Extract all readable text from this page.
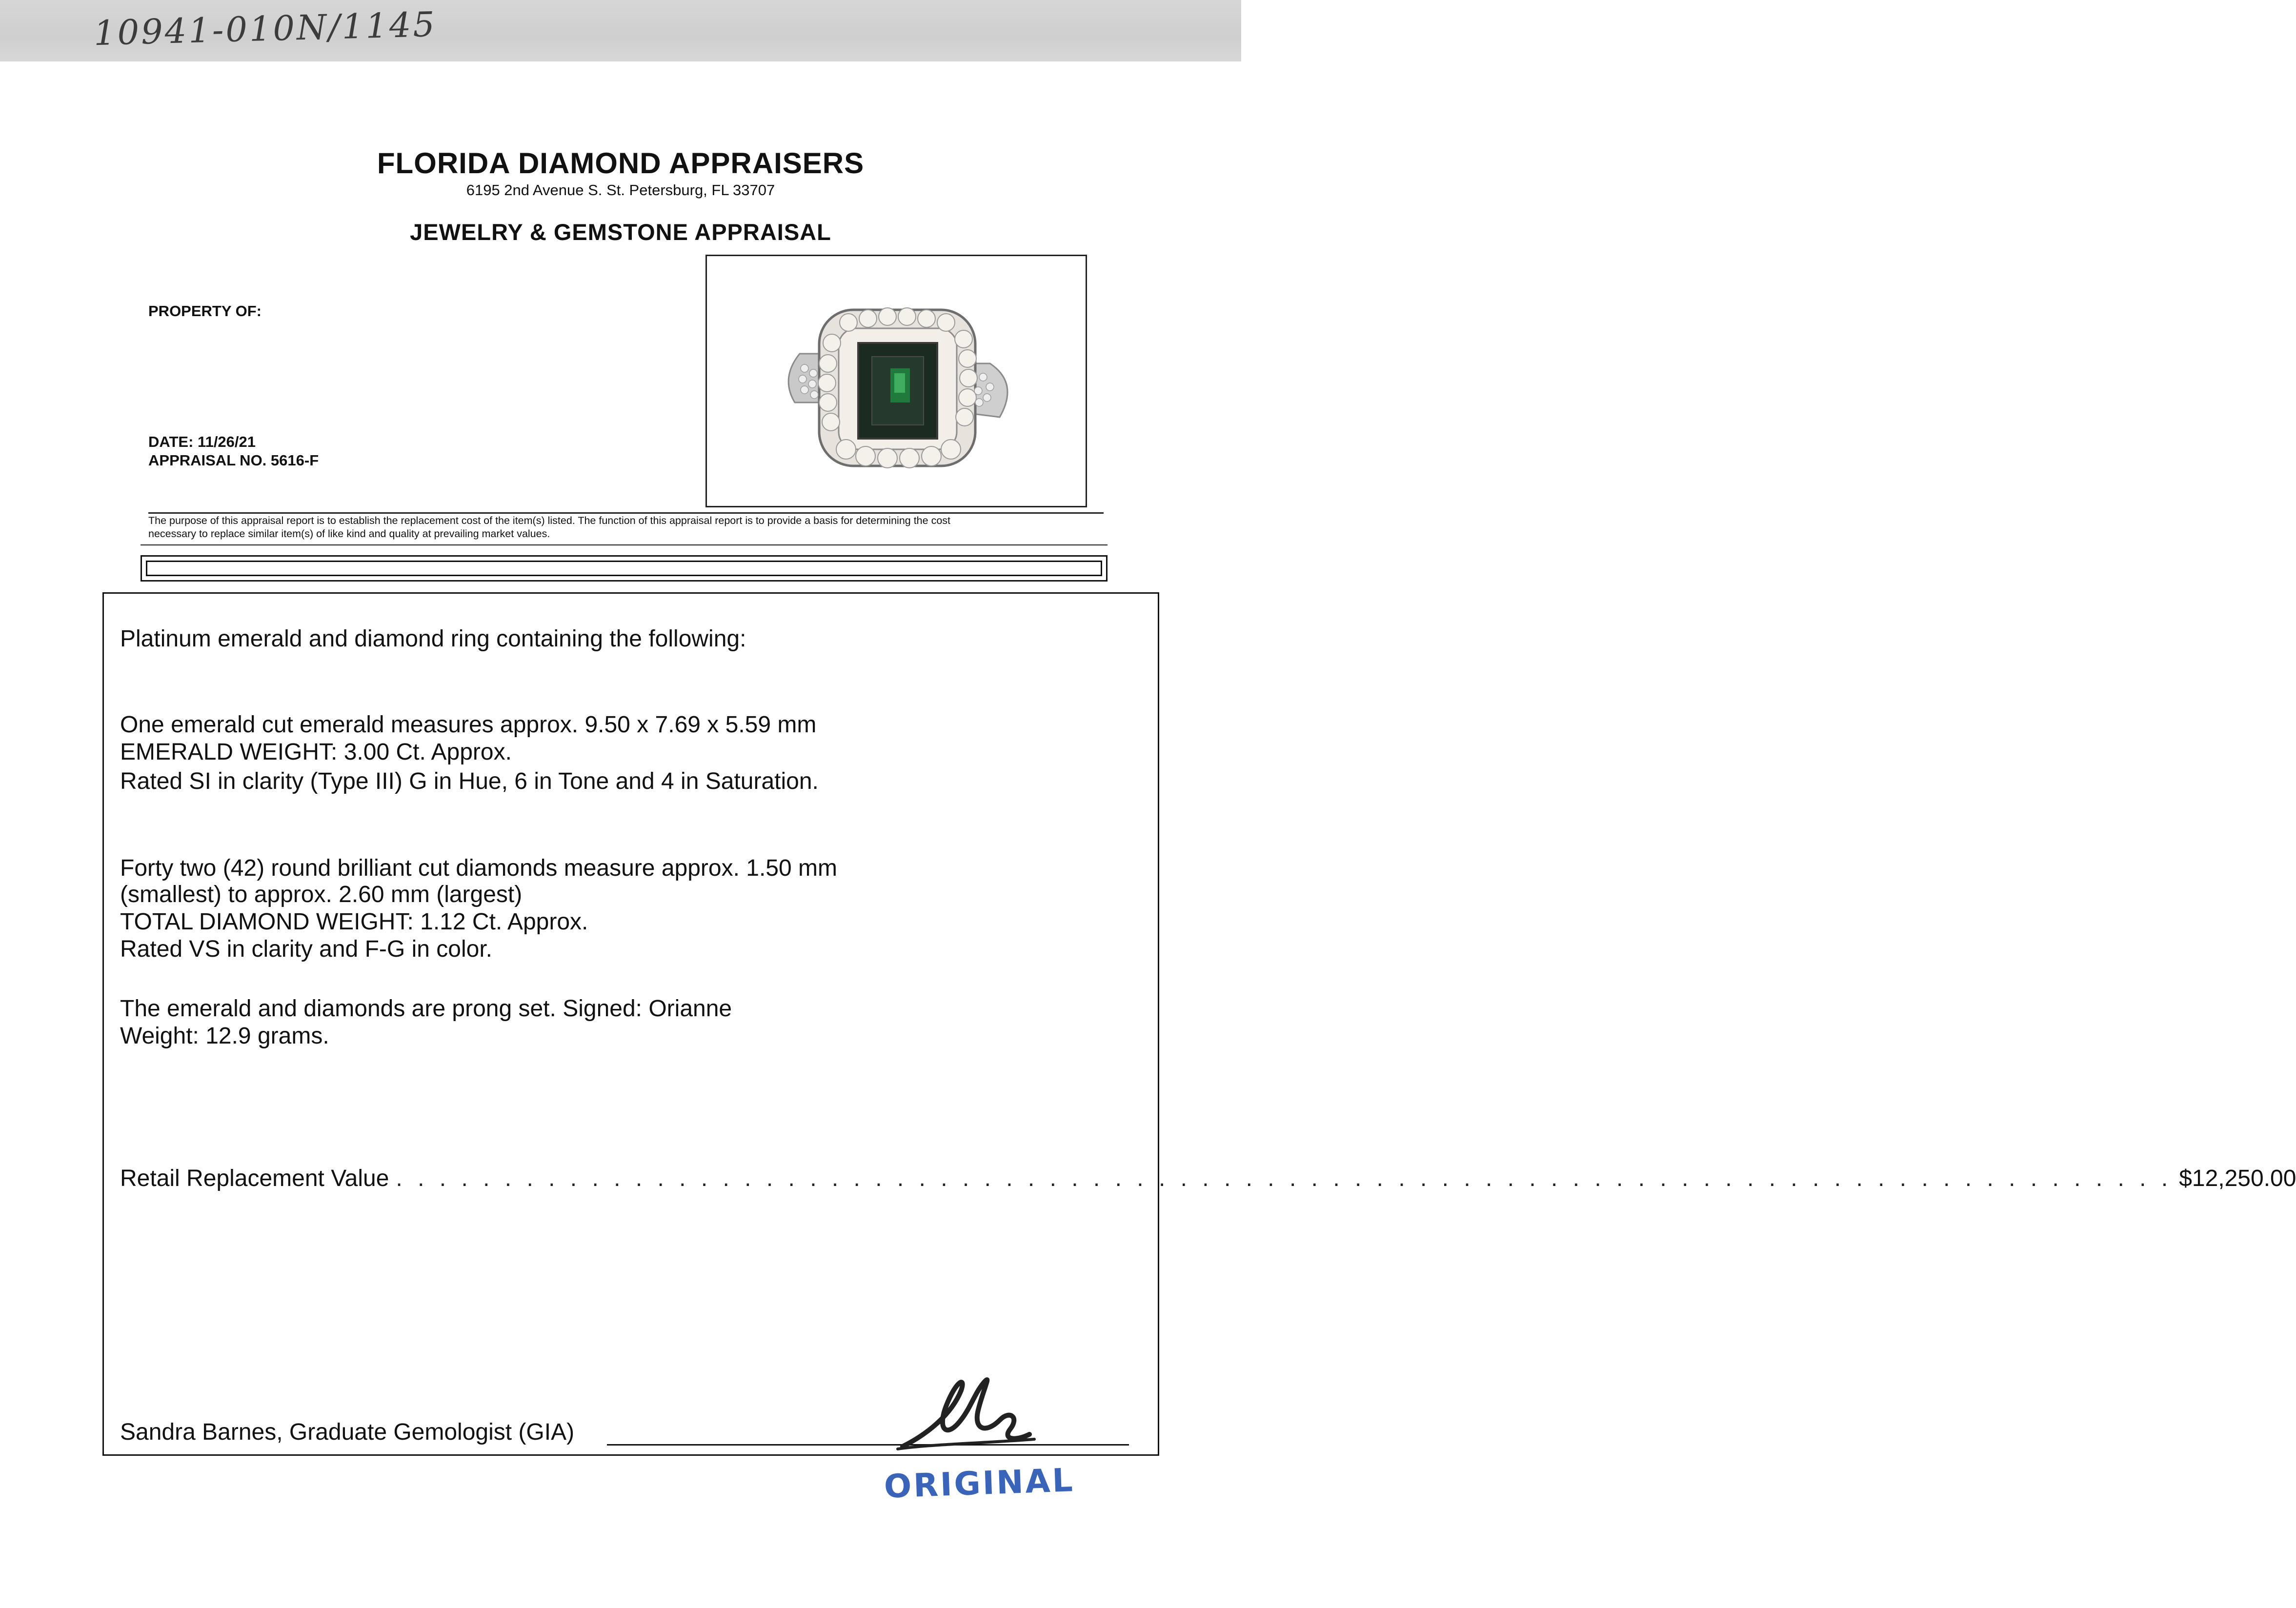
10941-010N/1145
FLORIDA DIAMOND APPRAISERS
6195 2nd Avenue S. St. Petersburg, FL 33707
JEWELRY & GEMSTONE APPRAISAL
PROPERTY OF:
DATE: 11/26/21
APPRAISAL NO. 5616-F
The purpose of this appraisal report is to establish the replacement cost of the item(s) listed. The function of this appraisal report is to provide a basis for determining the cost
necessary to replace similar item(s) of like kind and quality at prevailing market values.
Platinum emerald and diamond ring containing the following:
One emerald cut emerald measures approx. 9.50 x 7.69 x 5.59 mm
EMERALD WEIGHT: 3.00 Ct. Approx.
Rated SI in clarity (Type III) G in Hue, 6 in Tone and 4 in Saturation.
Forty two (42) round brilliant cut diamonds measure approx. 1.50 mm
(smallest) to approx. 2.60 mm (largest)
TOTAL DIAMOND WEIGHT: 1.12 Ct. Approx.
Rated VS in clarity and F-G in color.
The emerald and diamonds are prong set. Signed: Orianne
Weight: 12.9 grams.
Retail Replacement Value . . . . . . . . . . . . . . . . . . . . . . . . . . . . . . . . . . . . . . . . . . . . . . . . . . . . . . . . . . . . . . . . . . . . . . . . . . . . . . . . . . $12,250.00
Sandra Barnes, Graduate Gemologist (GIA)
ORIGINAL
